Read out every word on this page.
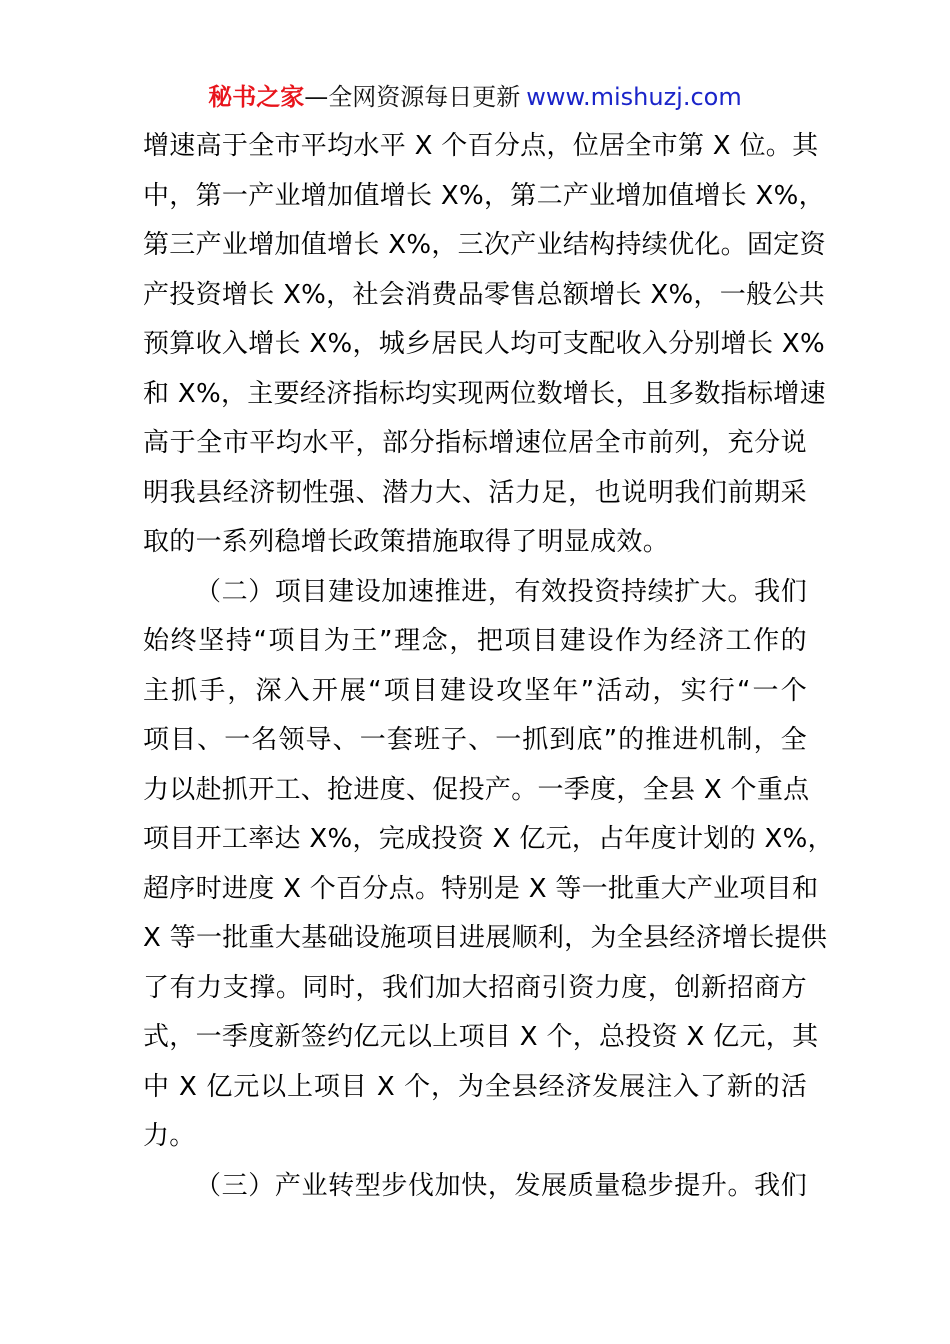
秘书之家—全网资源每日更新 www.mishuzj.com
增速高于全市平均水平 X 个百分点，位居全市第 X 位。其
中，第一产业增加值增长 X%，第二产业增加值增长 X%，
第三产业增加值增长 X%，三次产业结构持续优化。固定资
产投资增长 X%，社会消费品零售总额增长 X%，一般公共
预算收入增长 X%，城乡居民人均可支配收入分别增长 X%
和 X%，主要经济指标均实现两位数增长，且多数指标增速
高于全市平均水平，部分指标增速位居全市前列，充分说
明我县经济韧性强、潜力大、活力足，也说明我们前期采
取的一系列稳增长政策措施取得了明显成效。
（二）项目建设加速推进，有效投资持续扩大。我们
始终坚持“项目为王”理念，把项目建设作为经济工作的
主抓手，深入开展“项目建设攻坚年”活动，实行“一个
项目、一名领导、一套班子、一抓到底”的推进机制，全
力以赴抓开工、抢进度、促投产。一季度，全县 X 个重点
项目开工率达 X%，完成投资 X 亿元，占年度计划的 X%，
超序时进度 X 个百分点。特别是 X 等一批重大产业项目和
X 等一批重大基础设施项目进展顺利，为全县经济增长提供
了有力支撑。同时，我们加大招商引资力度，创新招商方
式，一季度新签约亿元以上项目 X 个，总投资 X 亿元，其
中 X 亿元以上项目 X 个，为全县经济发展注入了新的活
力。
（三）产业转型步伐加快，发展质量稳步提升。我们
